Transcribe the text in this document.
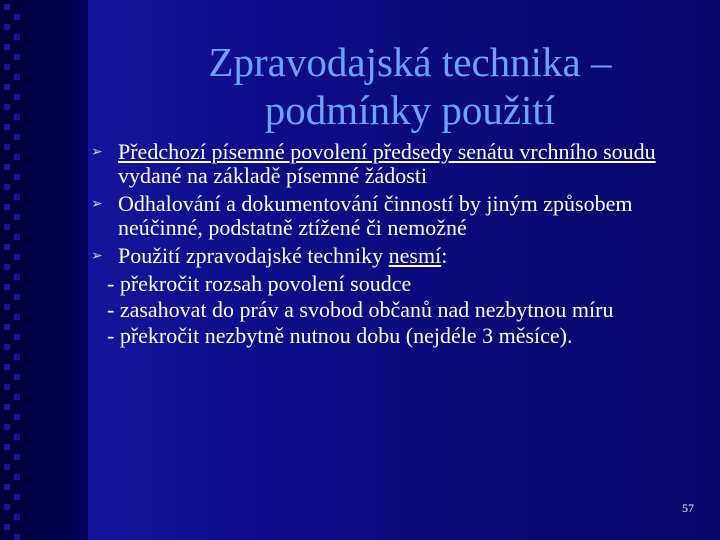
Zpravodajská technika –
podmínky použití
➢ Předchozí písemné povolení předsedy senátu vrchního soudu vydané na základě písemné žádosti
➢ Odhalování a dokumentování činností by jiným způsobem neúčinné, podstatně ztížené či nemožné
➢ Použití zpravodajské techniky nesmí:
- překročit rozsah povolení soudce
- zasahovat do práv a svobod občanů nad nezbytnou míru
- překročit nezbytně nutnou dobu (nejdéle 3 měsíce).
57
